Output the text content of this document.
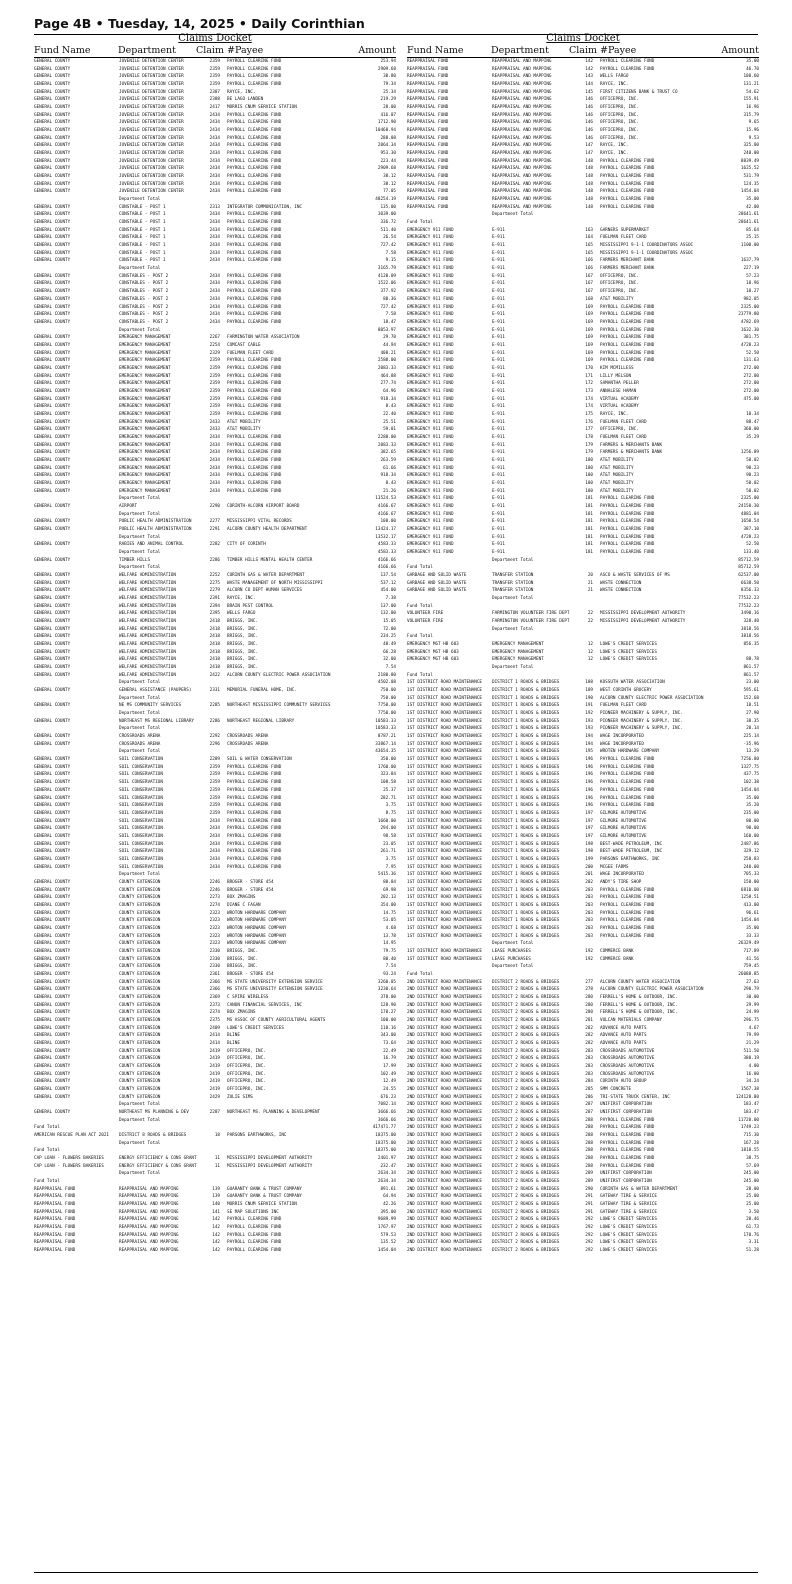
Page 4B • Tuesday, 14, 2025 • Daily Corinthian
Claims Docket
Fund Name	Department Claim #Payee	Amount
GENERAL COUNTY	JUVENILE DETENTION CENTER	2359 PAYROLL CLEARING FUND	253.94
GENERAL COUNTY	JUVENILE DETENTION CENTER	2359 PAYROLL CLEARING FUND	2909.68
GENERAL COUNTY	JUVENILE DETENTION CENTER	2359 PAYROLL CLEARING FUND	38.80
GENERAL COUNTY	JUVENILE DETENTION CENTER	2359 PAYROLL CLEARING FUND	79.34
GENERAL COUNTY	JUVENILE DETENTION CENTER	2387 RAYCE, INC.	25.34
GENERAL COUNTY	JUVENILE DETENTION CENTER	2388 BE LAGO LANDEN	219.29
GENERAL COUNTY	JUVENILE DETENTION CENTER	2417 MORRIS CNUM SERVICE STATION	28.00
GENERAL COUNTY	JUVENILE DETENTION CENTER	2434 PAYROLL CLEARING FUND	416.07
GENERAL COUNTY	JUVENILE DETENTION CENTER	2434 PAYROLL CLEARING FUND	1712.90
GENERAL COUNTY	JUVENILE DETENTION CENTER	2434 PAYROLL CLEARING FUND	10468.94
GENERAL COUNTY	JUVENILE DETENTION CENTER	2434 PAYROLL CLEARING FUND	288.08
GENERAL COUNTY	JUVENILE DETENTION CENTER	2434 PAYROLL CLEARING FUND	2064.34
GENERAL COUNTY	JUVENILE DETENTION CENTER	2434 PAYROLL CLEARING FUND	953.30
GENERAL COUNTY	JUVENILE DETENTION CENTER	2434 PAYROLL CLEARING FUND	223.44
GENERAL COUNTY	JUVENILE DETENTION CENTER	2434 PAYROLL CLEARING FUND	2909.68
GENERAL COUNTY	JUVENILE DETENTION CENTER	2434 PAYROLL CLEARING FUND	38.12
GENERAL COUNTY	JUVENILE DETENTION CENTER	2434 PAYROLL CLEARING FUND	38.12
GENERAL COUNTY	JUVENILE DETENTION CENTER	2434 PAYROLL CLEARING FUND	77.05
Department Total	48254.19
GENERAL COUNTY	CONSTABLE - POST 1	2313 INTEGRATOR COMMUNICATION, INC	135.00
GENERAL COUNTY	CONSTABLE - POST 1	2434 PAYROLL CLEARING FUND	3039.00
GENERAL COUNTY	CONSTABLE - POST 1	2434 PAYROLL CLEARING FUND	336.72
GENERAL COUNTY	CONSTABLE - POST 1	2434 PAYROLL CLEARING FUND	511.40
GENERAL COUNTY	CONSTABLE - POST 1	2434 PAYROLL CLEARING FUND	26.54
GENERAL COUNTY	CONSTABLE - POST 1	2434 PAYROLL CLEARING FUND	727.42
GENERAL COUNTY	CONSTABLE - POST 1	2434 PAYROLL CLEARING FUND	7.58
GENERAL COUNTY	CONSTABLE - POST 1	2434 PAYROLL CLEARING FUND	9.15
Department Total	3165.79
GENERAL COUNTY	CONSTABLES - POST 2	2434 PAYROLL CLEARING FUND	4120.09
GENERAL COUNTY	CONSTABLES - POST 2	2434 PAYROLL CLEARING FUND	1522.06
GENERAL COUNTY	CONSTABLES - POST 2	2434 PAYROLL CLEARING FUND	377.92
GENERAL COUNTY	CONSTABLES - POST 2	2434 PAYROLL CLEARING FUND	88.36
GENERAL COUNTY	CONSTABLES - POST 2	2434 PAYROLL CLEARING FUND	727.42
GENERAL COUNTY	CONSTABLES - POST 2	2434 PAYROLL CLEARING FUND	7.58
GENERAL COUNTY	CONSTABLES - POST 2	2434 PAYROLL CLEARING FUND	18.47
Department Total	8053.97
GENERAL COUNTY	EMERGENCY MANAGEMENT	2267 FARMINGTON WATER ASSOCIATION	29.70
GENERAL COUNTY	EMERGENCY MANAGEMENT	2254 COMCAST CABLE	44.94
GENERAL COUNTY	EMERGENCY MANAGEMENT	2329 FUELMAN FLEET CARD	408.21
GENERAL COUNTY	EMERGENCY MANAGEMENT	2359 PAYROLL CLEARING FUND	2588.00
GENERAL COUNTY	EMERGENCY MANAGEMENT	2359 PAYROLL CLEARING FUND	2083.33
GENERAL COUNTY	EMERGENCY MANAGEMENT	2359 PAYROLL CLEARING FUND	464.88
GENERAL COUNTY	EMERGENCY MANAGEMENT	2359 PAYROLL CLEARING FUND	277.74
GENERAL COUNTY	EMERGENCY MANAGEMENT	2359 PAYROLL CLEARING FUND	64.96
GENERAL COUNTY	EMERGENCY MANAGEMENT	2359 PAYROLL CLEARING FUND	918.34
GENERAL COUNTY	EMERGENCY MANAGEMENT	2359 PAYROLL CLEARING FUND	8.43
GENERAL COUNTY	EMERGENCY MANAGEMENT	2359 PAYROLL CLEARING FUND	22.40
GENERAL COUNTY	EMERGENCY MANAGEMENT	2433 AT&T MOBILITY	25.51
GENERAL COUNTY	EMERGENCY MANAGEMENT	2433 AT&T MOBILITY	59.01
GENERAL COUNTY	EMERGENCY MANAGEMENT	2434 PAYROLL CLEARING FUND	2288.00
GENERAL COUNTY	EMERGENCY MANAGEMENT	2434 PAYROLL CLEARING FUND	2083.33
GENERAL COUNTY	EMERGENCY MANAGEMENT	2434 PAYROLL CLEARING FUND	382.65
GENERAL COUNTY	EMERGENCY MANAGEMENT	2434 PAYROLL CLEARING FUND	263.59
GENERAL COUNTY	EMERGENCY MANAGEMENT	2434 PAYROLL CLEARING FUND	61.66
GENERAL COUNTY	EMERGENCY MANAGEMENT	2434 PAYROLL CLEARING FUND	918.34
GENERAL COUNTY	EMERGENCY MANAGEMENT	2434 PAYROLL CLEARING FUND	8.43
GENERAL COUNTY	EMERGENCY MANAGEMENT	2434 PAYROLL CLEARING FUND	21.26
Department Total	13524.53
GENERAL COUNTY	AIRPORT	2290 CORINTH-ALCORN AIRPORT BOARD	4166.67
Department Total	4166.67
GENERAL COUNTY	PUBLIC HEALTH ADMINISTRATION	2277 MISSISSIPPI VITAL RECORDS	108.00
GENERAL COUNTY	PUBLIC HEALTH ADMINISTRATION	2291 ALCORN COUNTY HEALTH DEPARTMENT	13424.17
Department Total	13532.17
GENERAL COUNTY	RABIES AND ANIMAL CONTROL	2282 CITY OF CORINTH	4583.33
Department Total	4583.33
GENERAL COUNTY	TIMBER HILLS	2286 TIMBER HILLS MENTAL HEALTH CENTER	4166.66
Department Total	4166.66
GENERAL COUNTY	WELFARE ADMINISTRATION	2252 CORINTH GAS & WATER DEPARTMENT	137.54
GENERAL COUNTY	WELFARE ADMINISTRATION	2275 WASTE MANAGEMENT OF NORTH MISSISSIPPI	537.12
GENERAL COUNTY	WELFARE ADMINISTRATION	2279 ALCORN CO DEPT HUMAN SERVICES	454.00
GENERAL COUNTY	WELFARE ADMINISTRATION	2391 RAYCE, INC.	7.38
GENERAL COUNTY	WELFARE ADMINISTRATION	2394 BRAIN PEST CONTROL	137.00
GENERAL COUNTY	WELFARE ADMINISTRATION	2395 WELLS FARGO	132.00
GENERAL COUNTY	WELFARE ADMINISTRATION	2418 BRIGGS, INC.	15.05
GENERAL COUNTY	WELFARE ADMINISTRATION	2418 BRIGGS, INC.	72.00
GENERAL COUNTY	WELFARE ADMINISTRATION	2418 BRIGGS, INC.	234.25
GENERAL COUNTY	WELFARE ADMINISTRATION	2418 BRIGGS, INC.	48.49
GENERAL COUNTY	WELFARE ADMINISTRATION	2418 BRIGGS, INC.	66.28
GENERAL COUNTY	WELFARE ADMINISTRATION	2418 BRIGGS, INC.	32.00
GENERAL COUNTY	WELFARE ADMINISTRATION	2418 BRIGGS, INC.	7.54
GENERAL COUNTY	WELFARE ADMINISTRATION	2422 ALCORN COUNTY ELECTRIC POWER ASSOCIATION	2180.80
Department Total	4502.08
GENERAL COUNTY	GENERAL ASSISTANCE (PAUPERS)	2331 MEMORIAL FUNERAL HOME, INC.	750.00
Department Total	750.00
GENERAL COUNTY	NE MS COMMUNITY SERVICES	2285 NORTHEAST MISSISSIPPI COMMUNITY SERVICES	7750.00
Department Total	7750.00
GENERAL COUNTY	NORTHEAST MS REGIONAL LIBRARY	2286 NORTHEAST REGIONAL LIBRARY	10583.33
Department Total	10583.33
GENERAL COUNTY	CROSSROADS ARENA	2292 CROSSROADS ARENA	8787.21
GENERAL COUNTY	CROSSROADS ARENA	2296 CROSSROADS ARENA	33867.14
Department Total	43654.35
GENERAL COUNTY	SOIL CONSERVATION	2289 SOIL & WATER CONSERVATION	350.00
GENERAL COUNTY	SOIL CONSERVATION	2359 PAYROLL CLEARING FUND	1760.00
GENERAL COUNTY	SOIL CONSERVATION	2359 PAYROLL CLEARING FUND	323.84
GENERAL COUNTY	SOIL CONSERVATION	2359 PAYROLL CLEARING FUND	108.58
GENERAL COUNTY	SOIL CONSERVATION	2359 PAYROLL CLEARING FUND	25.37
GENERAL COUNTY	SOIL CONSERVATION	2359 PAYROLL CLEARING FUND	282.71
GENERAL COUNTY	SOIL CONSERVATION	2359 PAYROLL CLEARING FUND	3.75
GENERAL COUNTY	SOIL CONSERVATION	2359 PAYROLL CLEARING FUND	8.75
GENERAL COUNTY	SOIL CONSERVATION	2434 PAYROLL CLEARING FUND	1660.00
GENERAL COUNTY	SOIL CONSERVATION	2434 PAYROLL CLEARING FUND	294.00
GENERAL COUNTY	SOIL CONSERVATION	2434 PAYROLL CLEARING FUND	98.58
GENERAL COUNTY	SOIL CONSERVATION	2434 PAYROLL CLEARING FUND	23.05
GENERAL COUNTY	SOIL CONSERVATION	2434 PAYROLL CLEARING FUND	261.71
GENERAL COUNTY	SOIL CONSERVATION	2434 PAYROLL CLEARING FUND	3.75
GENERAL COUNTY	SOIL CONSERVATION	2434 PAYROLL CLEARING FUND	7.95
Department Total	5415.36
GENERAL COUNTY	COUNTY EXTENSION	2246 BROGER - STORE 454	80.84
GENERAL COUNTY	COUNTY EXTENSION	2246 BROGER - STORE 454	69.98
GENERAL COUNTY	COUNTY EXTENSION	2273 BOX ZMAGINS	202.13
GENERAL COUNTY	COUNTY EXTENSION	2274 DIANE C FAGAN	354.00
GENERAL COUNTY	COUNTY EXTENSION	2323 WROTON HARDWARE COMPANY	14.75
GENERAL COUNTY	COUNTY EXTENSION	2323 WROTON HARDWARE COMPANY	53.05
GENERAL COUNTY	COUNTY EXTENSION	2323 WROTON HARDWARE COMPANY	4.68
GENERAL COUNTY	COUNTY EXTENSION	2323 WROTON HARDWARE COMPANY	13.78
GENERAL COUNTY	COUNTY EXTENSION	2323 WROTON HARDWARE COMPANY	14.95
GENERAL COUNTY	COUNTY EXTENSION	2330 BRIGGS, INC.	79.75
GENERAL COUNTY	COUNTY EXTENSION	2330 BRIGGS, INC.	80.40
GENERAL COUNTY	COUNTY EXTENSION	2330 BRIGGS, INC.	7.54
GENERAL COUNTY	COUNTY EXTENSION	2361 BROGER - STORE 454	93.24
GENERAL COUNTY	COUNTY EXTENSION	2366 MS STATE UNIVERSITY EXTENSION SERVICE	3260.05
GENERAL COUNTY	COUNTY EXTENSION	2366 MS STATE UNIVERSITY EXTENSION SERVICE	3230.64
GENERAL COUNTY	COUNTY EXTENSION	2369 C SPIRE WIRELESS	378.00
GENERAL COUNTY	COUNTY EXTENSION	2373 CANON FINANCIAL SERVICES, INC	128.90
GENERAL COUNTY	COUNTY EXTENSION	2374 BOX ZMAGINS	178.27
GENERAL COUNTY	COUNTY EXTENSION	2375 MS ASSOC OF COUNTY AGRICULTURAL AGENTS	100.00
GENERAL COUNTY	COUNTY EXTENSION	2409 LOWE'S CREDIT SERVICES	118.16
GENERAL COUNTY	COUNTY EXTENSION	2414 BLINE	343.00
GENERAL COUNTY	COUNTY EXTENSION	2414 BLINE	73.64
GENERAL COUNTY	COUNTY EXTENSION	2419 OFFICEPRO, INC.	22.49
GENERAL COUNTY	COUNTY EXTENSION	2419 OFFICEPRO, INC.	16.79
GENERAL COUNTY	COUNTY EXTENSION	2419 OFFICEPRO, INC.	17.99
GENERAL COUNTY	COUNTY EXTENSION	2419 OFFICEPRO, INC.	102.49
GENERAL COUNTY	COUNTY EXTENSION	2419 OFFICEPRO, INC.	12.49
GENERAL COUNTY	COUNTY EXTENSION	2419 OFFICEPRO, INC.	24.55
GENERAL COUNTY	COUNTY EXTENSION	2429 ZULIE SIMS	676.23
Department Total	7082.14
GENERAL COUNTY	NORTHEAST MS PLANNING & DEV	2287 NORTHEAST MS. PLANNING & DEVELOPMENT	3666.66
Department Total	3666.66
Fund Total	417471.77
AMERICAN RESCUE PLAN ACT 2021	DISTRICT 8 ROADS & BRIDGES	18 PARSONS EARTHWORKS, INC	18375.00
Department Total	18375.00
Fund Total	18375.00
CAP LOAN - FLOWERS BAKERIES	ENERGY EFFICIENCY & CONS GRANT	11 MISSISSIPPI DEVELOPMENT AUTHORITY	2401.97
CAP LOAN - FLOWERS BAKERIES	ENERGY EFFICIENCY & CONS GRANT	11 MISSISSIPPI DEVELOPMENT AUTHORITY	232.47
Department Total	2634.34
Fund Total	2634.34
REAPPRAISAL FUND	REAPPRAISAL AND MAPPING	139 GUARANTY BANK & TRUST COMPANY	891.61
REAPPRAISAL FUND	REAPPRAISAL AND MAPPING	139 GUARANTY BANK & TRUST COMPANY	64.94
REAPPRAISAL FUND	REAPPRAISAL AND MAPPING	140 MORRIS CNUM SERVICE STATION	42.26
REAPPRAISAL FUND	REAPPRAISAL AND MAPPING	141 SE MAP SOLUTIONS INC	395.00
REAPPRAISAL FUND	REAPPRAISAL AND MAPPING	142 PAYROLL CLEARING FUND	9689.99
REAPPRAISAL FUND	REAPPRAISAL AND MAPPING	142 PAYROLL CLEARING FUND	1767.97
REAPPRAISAL FUND	REAPPRAISAL AND MAPPING	142 PAYROLL CLEARING FUND	579.53
REAPPRAISAL FUND	REAPPRAISAL AND MAPPING	142 PAYROLL CLEARING FUND	135.52
REAPPRAISAL FUND	REAPPRAISAL AND MAPPING	142 PAYROLL CLEARING FUND	1454.04
Claims Docket
Fund Name	Department Claim #Payee	Amount
REAPPRAISAL FUND	REAPPRAISAL AND MAPPING	142 PAYROLL CLEARING FUND	35.00
REAPPRAISAL FUND	REAPPRAISAL AND MAPPING	142 PAYROLL CLEARING FUND	46.70
REAPPRAISAL FUND	REAPPRAISAL AND MAPPING	143 WELLS FARGO	100.60
REAPPRAISAL FUND	REAPPRAISAL AND MAPPING	144 RAYCE, INC.	131.21
REAPPRAISAL FUND	REAPPRAISAL AND MAPPING	145 FIRST CITIZENS BANK & TRUST CO	54.62
REAPPRAISAL FUND	REAPPRAISAL AND MAPPING	146 OFFICEPRO, INC.	155.91
REAPPRAISAL FUND	REAPPRAISAL AND MAPPING	146 OFFICEPRO, INC.	16.96
REAPPRAISAL FUND	REAPPRAISAL AND MAPPING	146 OFFICEPRO, INC.	315.79
REAPPRAISAL FUND	REAPPRAISAL AND MAPPING	146 OFFICEPRO, INC.	9.65
REAPPRAISAL FUND	REAPPRAISAL AND MAPPING	146 OFFICEPRO, INC.	15.96
REAPPRAISAL FUND	REAPPRAISAL AND MAPPING	146 OFFICEPRO, INC.	9.53
REAPPRAISAL FUND	REAPPRAISAL AND MAPPING	147 RAYCE, INC.	325.00
REAPPRAISAL FUND	REAPPRAISAL AND MAPPING	147 RAYCE, INC.	240.00
REAPPRAISAL FUND	REAPPRAISAL AND MAPPING	148 PAYROLL CLEARING FUND	8839.49
REAPPRAISAL FUND	REAPPRAISAL AND MAPPING	148 PAYROLL CLEARING FUND	1625.52
REAPPRAISAL FUND	REAPPRAISAL AND MAPPING	148 PAYROLL CLEARING FUND	531.79
REAPPRAISAL FUND	REAPPRAISAL AND MAPPING	148 PAYROLL CLEARING FUND	124.35
REAPPRAISAL FUND	REAPPRAISAL AND MAPPING	148 PAYROLL CLEARING FUND	1454.04
REAPPRAISAL FUND	REAPPRAISAL AND MAPPING	148 PAYROLL CLEARING FUND	35.00
REAPPRAISAL FUND	REAPPRAISAL AND MAPPING	148 PAYROLL CLEARING FUND	42.00
Department Total	28641.61
Fund Total	28641.61
EMERGENCY 911 FUND	E-911	163 GARNERS SUPERMARKET	85.64
EMERGENCY 911 FUND	E-911	164 FUELMAN FLEET CARD	25.15
EMERGENCY 911 FUND	E-911	165 MISSISSIPPI 9-1-1 COORDINATORS ASSOC	1100.00
EMERGENCY 911 FUND	E-911	165 MISSISSIPPI 9-1-1 COORDINATORS ASSOC
EMERGENCY 911 FUND	E-911	166 FARMERS MERCHANT BANK	1637.79
EMERGENCY 911 FUND	E-911	166 FARMERS MERCHANT BANK	227.19
EMERGENCY 911 FUND	E-911	167 OFFICEPRO, INC.	57.23
EMERGENCY 911 FUND	E-911	167 OFFICEPRO, INC.	18.96
EMERGENCY 911 FUND	E-911	167 OFFICEPRO, INC.	10.27
EMERGENCY 911 FUND	E-911	168 AT&T MOBILITY	982.05
EMERGENCY 911 FUND	E-911	169 PAYROLL CLEARING FUND	2325.00
EMERGENCY 911 FUND	E-911	169 PAYROLL CLEARING FUND	23779.80
EMERGENCY 911 FUND	E-911	169 PAYROLL CLEARING FUND	4782.69
EMERGENCY 911 FUND	E-911	169 PAYROLL CLEARING FUND	1632.30
EMERGENCY 911 FUND	E-911	169 PAYROLL CLEARING FUND	381.75
EMERGENCY 911 FUND	E-911	169 PAYROLL CLEARING FUND	4728.23
EMERGENCY 911 FUND	E-911	169 PAYROLL CLEARING FUND	52.50
EMERGENCY 911 FUND	E-911	169 PAYROLL CLEARING FUND	131.63
EMERGENCY 911 FUND	E-911	170 KIM MCMILLESS	272.00
EMERGENCY 911 FUND	E-911	171 LILLY MELSON	272.00
EMERGENCY 911 FUND	E-911	172 SAMANTHA PELLER	272.00
EMERGENCY 911 FUND	E-911	173 ANNALESE HAMAN	272.00
EMERGENCY 911 FUND	E-911	174 VIRTUAL ACADEMY	475.00
EMERGENCY 911 FUND	E-911	174 VIRTUAL ACADEMY
EMERGENCY 911 FUND	E-911	175 RAYCE, INC.	10.34
EMERGENCY 911 FUND	E-911	176 FUELMAN FLEET CARD	88.47
EMERGENCY 911 FUND	E-911	177 OFFICEPRO, INC.	360.00
EMERGENCY 911 FUND	E-911	178 FUELMAN FLEET CARD	35.29
EMERGENCY 911 FUND	E-911	179 FARMERS & MERCHANTS BANK
EMERGENCY 911 FUND	E-911	179 FARMERS & MERCHANTS BANK	1256.89
EMERGENCY 911 FUND	E-911	180 AT&T MOBILITY	50.02
EMERGENCY 911 FUND	E-911	180 AT&T MOBILITY	90.23
EMERGENCY 911 FUND	E-911	180 AT&T MOBILITY	90.23
EMERGENCY 911 FUND	E-911	180 AT&T MOBILITY	50.02
EMERGENCY 911 FUND	E-911	180 AT&T MOBILITY	50.02
EMERGENCY 911 FUND	E-911	181 PAYROLL CLEARING FUND	2325.00
EMERGENCY 911 FUND	E-911	181 PAYROLL CLEARING FUND	24150.30
EMERGENCY 911 FUND	E-911	181 PAYROLL CLEARING FUND	4881.04
EMERGENCY 911 FUND	E-911	181 PAYROLL CLEARING FUND	1650.54
EMERGENCY 911 FUND	E-911	181 PAYROLL CLEARING FUND	387.10
EMERGENCY 911 FUND	E-911	181 PAYROLL CLEARING FUND	4728.23
EMERGENCY 911 FUND	E-911	181 PAYROLL CLEARING FUND	52.50
EMERGENCY 911 FUND	E-911	181 PAYROLL CLEARING FUND	133.40
Department Total	85712.59
Fund Total	85712.59
GARBAGE AND SOLID WASTE	TRANSFER STATION	20 ASCO & WASTE SERVICES OF MS	62537.00
GARBAGE AND SOLID WASTE	TRANSFER STATION	21 WASTE CONNECTION	6638.50
GARBAGE AND SOLID WASTE	TRANSFER STATION	21 WASTE CONNECTION	8356.33
Department Total	77532.23
Fund Total	77532.23
VOLUNTEER FIRE	FARMINGTON VOLUNTEER FIRE DEPT	22 MISSISSIPPI DEVELOPMENT AUTHORITY	3490.16
VOLUNTEER FIRE	FARMINGTON VOLUNTEER FIRE DEPT	22 MISSISSIPPI DEVELOPMENT AUTHORITY	328.40
Department Total	3818.56
Fund Total	3818.56
EMERGENCY MGT HB 603	EMERGENCY MANAGEMENT	12 LOWE'S CREDIT SERVICES	856.35
EMERGENCY MGT HB 603	EMERGENCY MANAGEMENT	12 LOWE'S CREDIT SERVICES
EMERGENCY MGT HB 603	EMERGENCY MANAGEMENT	12 LOWE'S CREDIT SERVICES	88.78
Department Total	861.57
Fund Total	861.57
1ST DISTRICT ROAD MAINTENANCE	DISTRICT 1 ROADS & BRIDGES	188 KOSSUTH WATER ASSOCIATION	23.00
1ST DISTRICT ROAD MAINTENANCE	DISTRICT 1 ROADS & BRIDGES	189 WEST CORINTH GROCERY	595.61
1ST DISTRICT ROAD MAINTENANCE	DISTRICT 1 ROADS & BRIDGES	190 ALCORN COUNTY ELECTRIC POWER ASSOCIATION	152.68
1ST DISTRICT ROAD MAINTENANCE	DISTRICT 1 ROADS & BRIDGES	191 FUELMAN FLEET CARD	10.51
1ST DISTRICT ROAD MAINTENANCE	DISTRICT 1 ROADS & BRIDGES	192 PIONEER MACHINERY & SUPPLY, INC.	27.90
1ST DISTRICT ROAD MAINTENANCE	DISTRICT 1 ROADS & BRIDGES	193 PIONEER MACHINERY & SUPPLY, INC.	38.35
1ST DISTRICT ROAD MAINTENANCE	DISTRICT 1 ROADS & BRIDGES	193 PIONEER MACHINERY & SUPPLY, INC.	20.14
1ST DISTRICT ROAD MAINTENANCE	DISTRICT 1 ROADS & BRIDGES	194 WAGE INCORPORATED	225.14
1ST DISTRICT ROAD MAINTENANCE	DISTRICT 1 ROADS & BRIDGES	194 WAGE INCORPORATED	-35.96
1ST DISTRICT ROAD MAINTENANCE	DISTRICT 1 ROADS & BRIDGES	195 WROTEN HARDWARE COMPANY	13.29
1ST DISTRICT ROAD MAINTENANCE	DISTRICT 1 ROADS & BRIDGES	196 PAYROLL CLEARING FUND	7256.80
1ST DISTRICT ROAD MAINTENANCE	DISTRICT 1 ROADS & BRIDGES	196 PAYROLL CLEARING FUND	1327.75
1ST DISTRICT ROAD MAINTENANCE	DISTRICT 1 ROADS & BRIDGES	196 PAYROLL CLEARING FUND	437.75
1ST DISTRICT ROAD MAINTENANCE	DISTRICT 1 ROADS & BRIDGES	196 PAYROLL CLEARING FUND	102.38
1ST DISTRICT ROAD MAINTENANCE	DISTRICT 1 ROADS & BRIDGES	196 PAYROLL CLEARING FUND	1454.04
1ST DISTRICT ROAD MAINTENANCE	DISTRICT 1 ROADS & BRIDGES	196 PAYROLL CLEARING FUND	35.00
1ST DISTRICT ROAD MAINTENANCE	DISTRICT 1 ROADS & BRIDGES	196 PAYROLL CLEARING FUND	35.20
1ST DISTRICT ROAD MAINTENANCE	DISTRICT 1 ROADS & BRIDGES	197 GILMORE AUTOMOTIVE	235.00
1ST DISTRICT ROAD MAINTENANCE	DISTRICT 1 ROADS & BRIDGES	197 GILMORE AUTOMOTIVE	80.00
1ST DISTRICT ROAD MAINTENANCE	DISTRICT 1 ROADS & BRIDGES	197 GILMORE AUTOMOTIVE	90.00
1ST DISTRICT ROAD MAINTENANCE	DISTRICT 1 ROADS & BRIDGES	197 GILMORE AUTOMOTIVE	160.00
1ST DISTRICT ROAD MAINTENANCE	DISTRICT 1 ROADS & BRIDGES	198 BEST-WADE PETROLEUM, INC	2487.86
1ST DISTRICT ROAD MAINTENANCE	DISTRICT 1 ROADS & BRIDGES	198 BEST-WADE PETROLEUM, INC	329.12
1ST DISTRICT ROAD MAINTENANCE	DISTRICT 1 ROADS & BRIDGES	199 PARSONS EARTHWORKS, INC	258.83
1ST DISTRICT ROAD MAINTENANCE	DISTRICT 1 ROADS & BRIDGES	200 MCGEE FARMS	240.00
1ST DISTRICT ROAD MAINTENANCE	DISTRICT 1 ROADS & BRIDGES	201 WAGE INCORPORATED	705.33
1ST DISTRICT ROAD MAINTENANCE	DISTRICT 1 ROADS & BRIDGES	202 ANDY'S TIRE SHOP	150.00
1ST DISTRICT ROAD MAINTENANCE	DISTRICT 1 ROADS & BRIDGES	203 PAYROLL CLEARING FUND	6810.00
1ST DISTRICT ROAD MAINTENANCE	DISTRICT 1 ROADS & BRIDGES	203 PAYROLL CLEARING FUND	1258.51
1ST DISTRICT ROAD MAINTENANCE	DISTRICT 1 ROADS & BRIDGES	203 PAYROLL CLEARING FUND	413.00
1ST DISTRICT ROAD MAINTENANCE	DISTRICT 1 ROADS & BRIDGES	203 PAYROLL CLEARING FUND	96.61
1ST DISTRICT ROAD MAINTENANCE	DISTRICT 1 ROADS & BRIDGES	203 PAYROLL CLEARING FUND	1454.04
1ST DISTRICT ROAD MAINTENANCE	DISTRICT 1 ROADS & BRIDGES	203 PAYROLL CLEARING FUND	35.00
1ST DISTRICT ROAD MAINTENANCE	DISTRICT 1 ROADS & BRIDGES	203 PAYROLL CLEARING FUND	33.33
Department Total	26329.49
1ST DISTRICT ROAD MAINTENANCE	LEASE PURCHASES	192 COMMERCE BANK	717.89
1ST DISTRICT ROAD MAINTENANCE	LEASE PURCHASES	192 COMMERCE BANK	41.56
Department Total	759.45
Fund Total	26088.85
2ND DISTRICT ROAD MAINTENANCE	DISTRICT 2 ROADS & BRIDGES	277 ALCORN COUNTY WATER ASSOCIATION	27.63
2ND DISTRICT ROAD MAINTENANCE	DISTRICT 2 ROADS & BRIDGES	278 ALCORN COUNTY ELECTRIC POWER ASSOCIATION	290.79
2ND DISTRICT ROAD MAINTENANCE	DISTRICT 2 ROADS & BRIDGES	280 FERRELL'S HOME & OUTDOOR, INC.	30.00
2ND DISTRICT ROAD MAINTENANCE	DISTRICT 2 ROADS & BRIDGES	280 FERRELL'S HOME & OUTDOOR, INC.	29.99
2ND DISTRICT ROAD MAINTENANCE	DISTRICT 2 ROADS & BRIDGES	280 FERRELL'S HOME & OUTDOOR, INC.	24.99
2ND DISTRICT ROAD MAINTENANCE	DISTRICT 2 ROADS & BRIDGES	281 VULCAN MATERIALS COMPANY	296.75
2ND DISTRICT ROAD MAINTENANCE	DISTRICT 2 ROADS & BRIDGES	282 ADVANCE AUTO PARTS	4.67
2ND DISTRICT ROAD MAINTENANCE	DISTRICT 2 ROADS & BRIDGES	282 ADVANCE AUTO PARTS	79.99
2ND DISTRICT ROAD MAINTENANCE	DISTRICT 2 ROADS & BRIDGES	282 ADVANCE AUTO PARTS	21.29
2ND DISTRICT ROAD MAINTENANCE	DISTRICT 2 ROADS & BRIDGES	283 CROSSROADS AUTOMOTIVE	511.50
2ND DISTRICT ROAD MAINTENANCE	DISTRICT 2 ROADS & BRIDGES	283 CROSSROADS AUTOMOTIVE	380.19
2ND DISTRICT ROAD MAINTENANCE	DISTRICT 2 ROADS & BRIDGES	283 CROSSROADS AUTOMOTIVE	4.00
2ND DISTRICT ROAD MAINTENANCE	DISTRICT 2 ROADS & BRIDGES	283 CROSSROADS AUTOMOTIVE	16.00
2ND DISTRICT ROAD MAINTENANCE	DISTRICT 2 ROADS & BRIDGES	284 CORINTH AUTO GROUP	34.24
2ND DISTRICT ROAD MAINTENANCE	DISTRICT 2 ROADS & BRIDGES	285 SMM CONCRETE	1567.38
2ND DISTRICT ROAD MAINTENANCE	DISTRICT 2 ROADS & BRIDGES	286 TRI-STATE TRUCK CENTER, INC	124128.00
2ND DISTRICT ROAD MAINTENANCE	DISTRICT 2 ROADS & BRIDGES	287 UNIFIRST CORPORATION	183.47
2ND DISTRICT ROAD MAINTENANCE	DISTRICT 2 ROADS & BRIDGES	287 UNIFIRST CORPORATION	183.47
2ND DISTRICT ROAD MAINTENANCE	DISTRICT 2 ROADS & BRIDGES	288 PAYROLL CLEARING FUND	11720.00
2ND DISTRICT ROAD MAINTENANCE	DISTRICT 2 ROADS & BRIDGES	288 PAYROLL CLEARING FUND	1749.23
2ND DISTRICT ROAD MAINTENANCE	DISTRICT 2 ROADS & BRIDGES	288 PAYROLL CLEARING FUND	715.30
2ND DISTRICT ROAD MAINTENANCE	DISTRICT 2 ROADS & BRIDGES	288 PAYROLL CLEARING FUND	167.28
2ND DISTRICT ROAD MAINTENANCE	DISTRICT 2 ROADS & BRIDGES	288 PAYROLL CLEARING FUND	1818.55
2ND DISTRICT ROAD MAINTENANCE	DISTRICT 2 ROADS & BRIDGES	288 PAYROLL CLEARING FUND	38.75
2ND DISTRICT ROAD MAINTENANCE	DISTRICT 2 ROADS & BRIDGES	288 PAYROLL CLEARING FUND	57.69
2ND DISTRICT ROAD MAINTENANCE	DISTRICT 2 ROADS & BRIDGES	289 UNIFIRST CORPORATION	245.00
2ND DISTRICT ROAD MAINTENANCE	DISTRICT 2 ROADS & BRIDGES	289 UNIFIRST CORPORATION	245.00
2ND DISTRICT ROAD MAINTENANCE	DISTRICT 2 ROADS & BRIDGES	290 CORINTH GAS & WATER DEPARTMENT	28.00
2ND DISTRICT ROAD MAINTENANCE	DISTRICT 2 ROADS & BRIDGES	291 GATEWAY TIRE & SERVICE	25.00
2ND DISTRICT ROAD MAINTENANCE	DISTRICT 2 ROADS & BRIDGES	291 GATEWAY TIRE & SERVICE	25.00
2ND DISTRICT ROAD MAINTENANCE	DISTRICT 2 ROADS & BRIDGES	291 GATEWAY TIRE & SERVICE	3.50
2ND DISTRICT ROAD MAINTENANCE	DISTRICT 2 ROADS & BRIDGES	292 LOWE'S CREDIT SERVICES	20.46
2ND DISTRICT ROAD MAINTENANCE	DISTRICT 2 ROADS & BRIDGES	292 LOWE'S CREDIT SERVICES	61.73
2ND DISTRICT ROAD MAINTENANCE	DISTRICT 2 ROADS & BRIDGES	292 LOWE'S CREDIT SERVICES	170.76
2ND DISTRICT ROAD MAINTENANCE	DISTRICT 2 ROADS & BRIDGES	292 LOWE'S CREDIT SERVICES	3.31
2ND DISTRICT ROAD MAINTENANCE	DISTRICT 2 ROADS & BRIDGES	292 LOWE'S CREDIT SERVICES	51.28
